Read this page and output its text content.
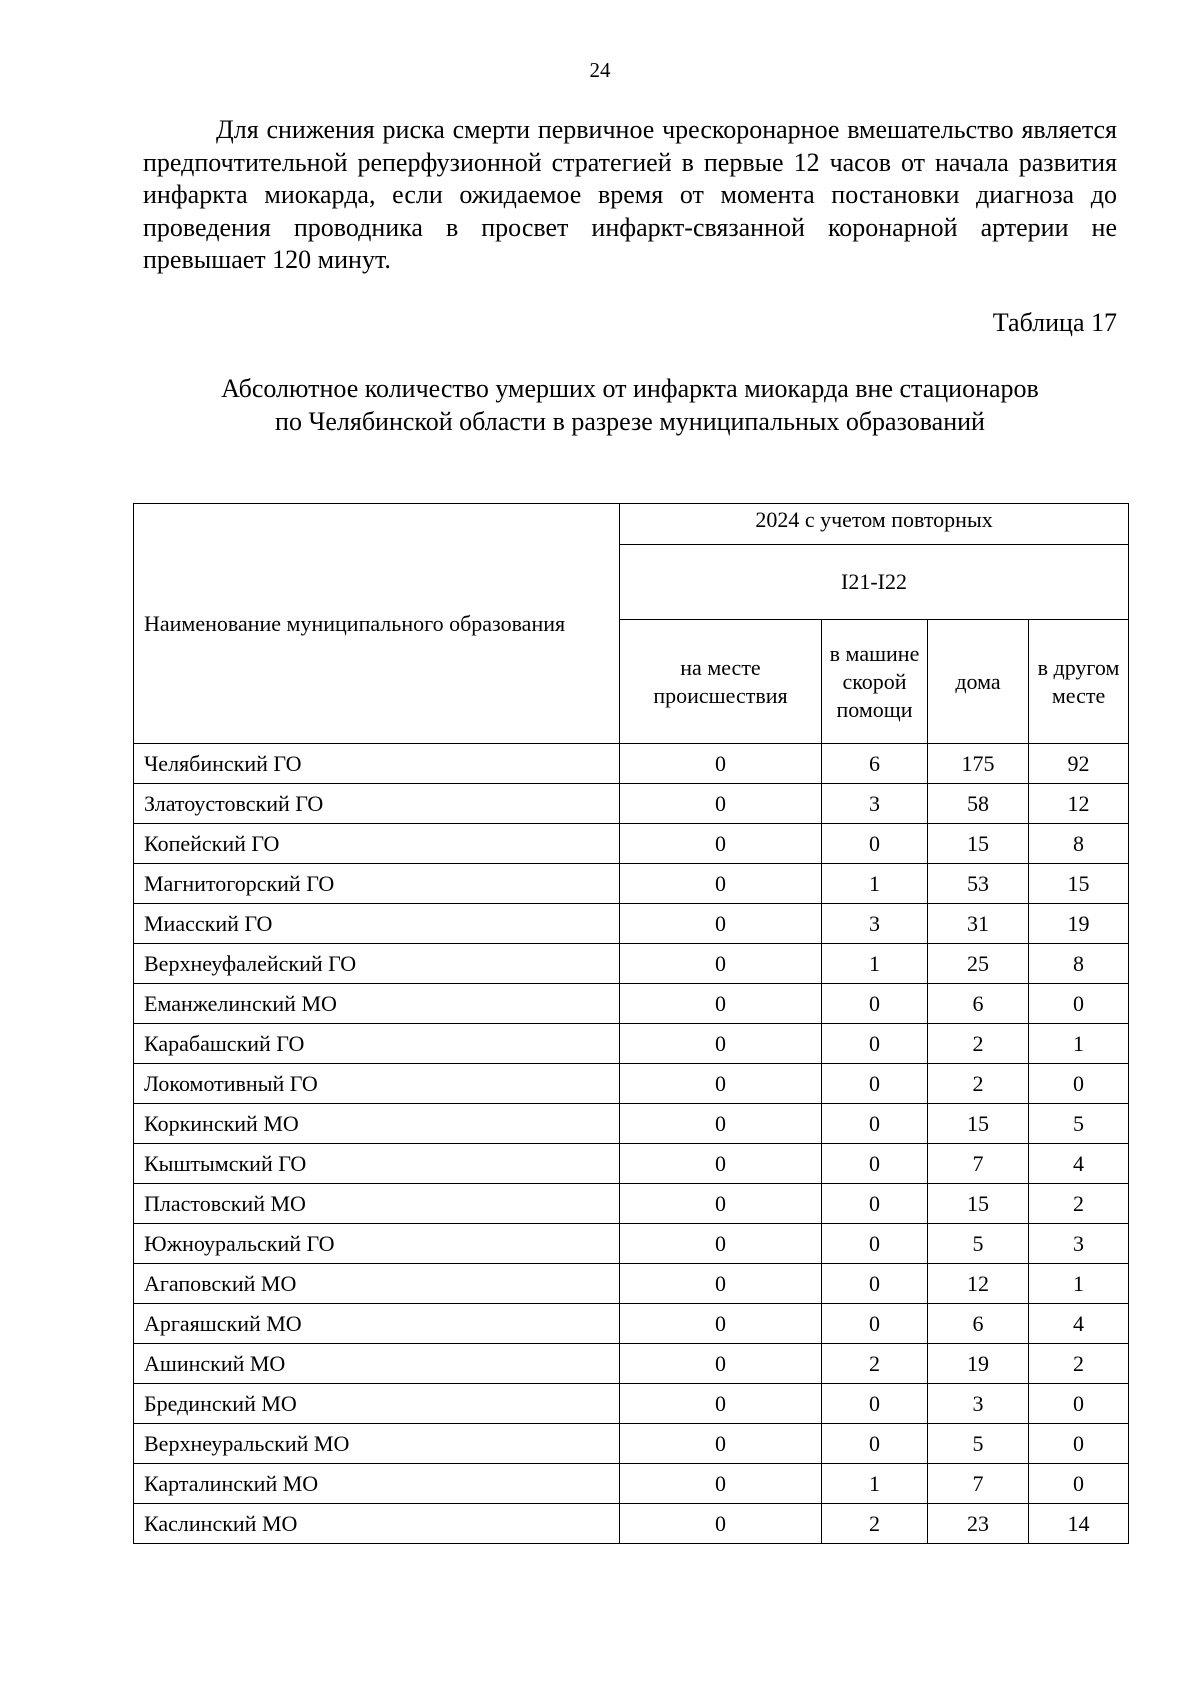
24

Для снижения риска смерти первичное чрескоронарное вмешательство является предпочтительной реперфузионной стратегией в первые 12 часов от начала развития инфаркта миокарда, если ожидаемое время от момента постановки диагноза до проведения проводника в просвет инфаркт-связанной коронарной артерии не превышает 120 минут.

Таблица 17

Абсолютное количество умерших от инфаркта миокарда вне стационаров
по Челябинской области в разрезе муниципальных образований

Наименование муниципального образования	2024 с учетом повторных			
	I21-I22			
	на месте происшествия	в машине скорой помощи	дома	в другом месте
Челябинский ГО	0	6	175	92
Златоустовский ГО	0	3	58	12
Копейский ГО	0	0	15	8
Магнитогорский ГО	0	1	53	15
Миасский ГО	0	3	31	19
Верхнеуфалейский ГО	0	1	25	8
Еманжелинский МО	0	0	6	0
Карабашский ГО	0	0	2	1
Локомотивный ГО	0	0	2	0
Коркинский МО	0	0	15	5
Кыштымский ГО	0	0	7	4
Пластовский МО	0	0	15	2
Южноуральский ГО	0	0	5	3
Агаповский МО	0	0	12	1
Аргаяшский МО	0	0	6	4
Ашинский МО	0	2	19	2
Брединский МО	0	0	3	0
Верхнеуральский МО	0	0	5	0
Карталинский МО	0	1	7	0
Каслинский МО	0	2	23	14
